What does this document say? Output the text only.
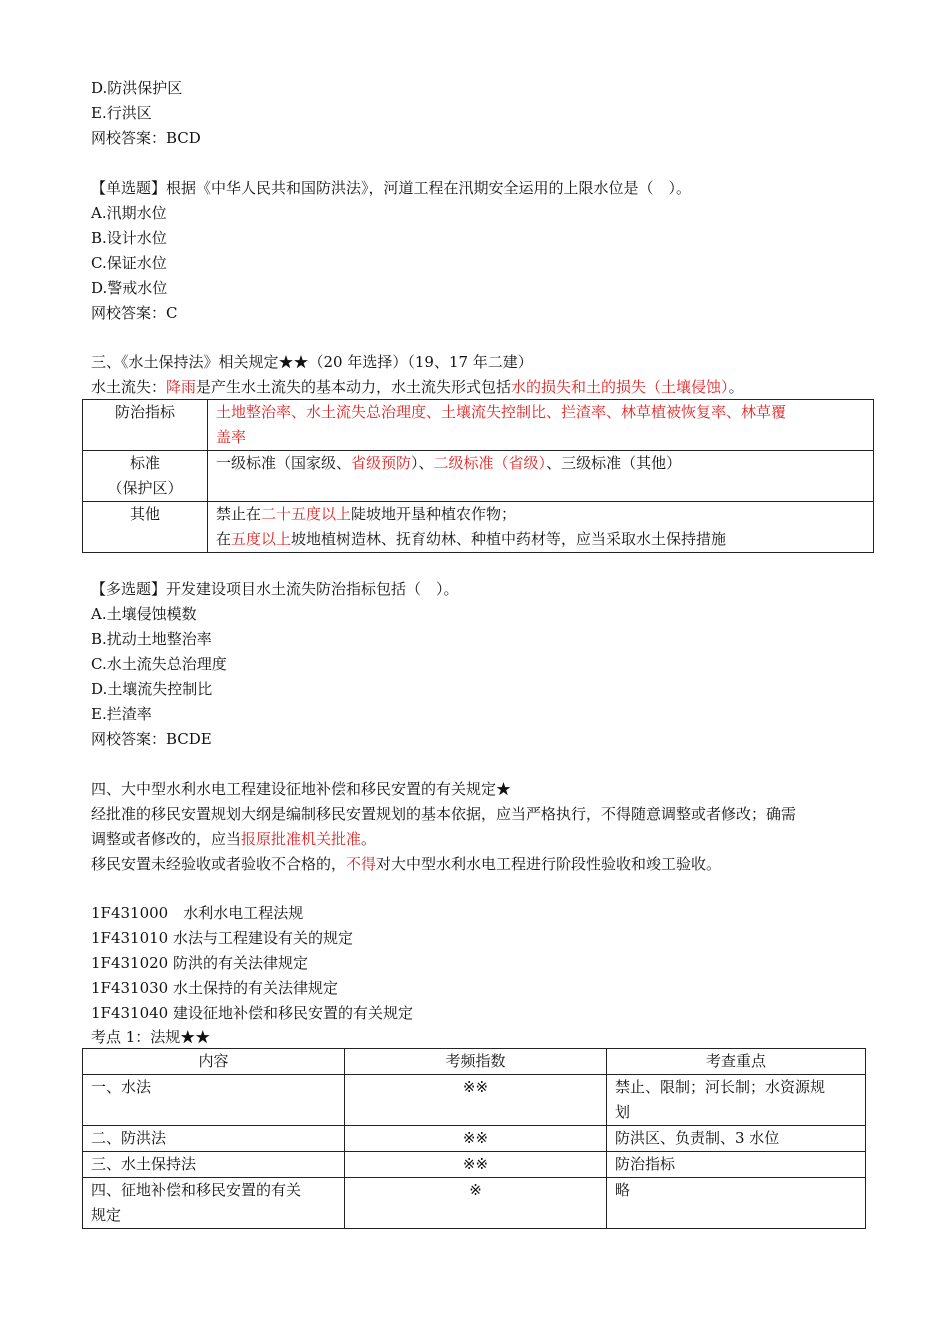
D.防洪保护区
E.行洪区
网校答案：BCD
【单选题】根据《中华人民共和国防洪法》，河道工程在汛期安全运用的上限水位是（　）。
A.汛期水位
B.设计水位
C.保证水位
D.警戒水位
网校答案：C
三、《水土保持法》相关规定★★（20 年选择）（19、17 年二建）
水土流失：降雨是产生水土流失的基本动力，水土流失形式包括水的损失和土的损失（土壤侵蚀）。
防治指标	土地整治率、水土流失总治理度、土壤流失控制比、拦渣率、林草植被恢复率、林草覆
盖率

标准
（保护区）	一级标准（国家级、省级预防）、二级标准（省级）、三级标准（其他）
其他	禁止在二十五度以上陡坡地开垦种植农作物；
在五度以上坡地植树造林、抚育幼林、种植中药材等，应当采取水土保持措施
【多选题】开发建设项目水土流失防治指标包括（　）。
A.土壤侵蚀模数
B.扰动土地整治率
C.水土流失总治理度
D.土壤流失控制比
E.拦渣率
网校答案：BCDE
四、大中型水利水电工程建设征地补偿和移民安置的有关规定★
经批准的移民安置规划大纲是编制移民安置规划的基本依据，应当严格执行，不得随意调整或者修改；确需
调整或者修改的，应当报原批准机关批准。
移民安置未经验收或者验收不合格的，不得对大中型水利水电工程进行阶段性验收和竣工验收。
1F431000　水利水电工程法规
1F431010 水法与工程建设有关的规定
1F431020 防洪的有关法律规定
1F431030 水土保持的有关法律规定
1F431040 建设征地补偿和移民安置的有关规定
考点 1：法规★★
内容	考频指数	考查重点
一、水法	※※	禁止、限制；河长制；水资源规
划

二、防洪法	※※	防洪区、负责制、3 水位
三、水土保持法	※※	防治指标

四、征地补偿和移民安置的有关
规定	※	略
